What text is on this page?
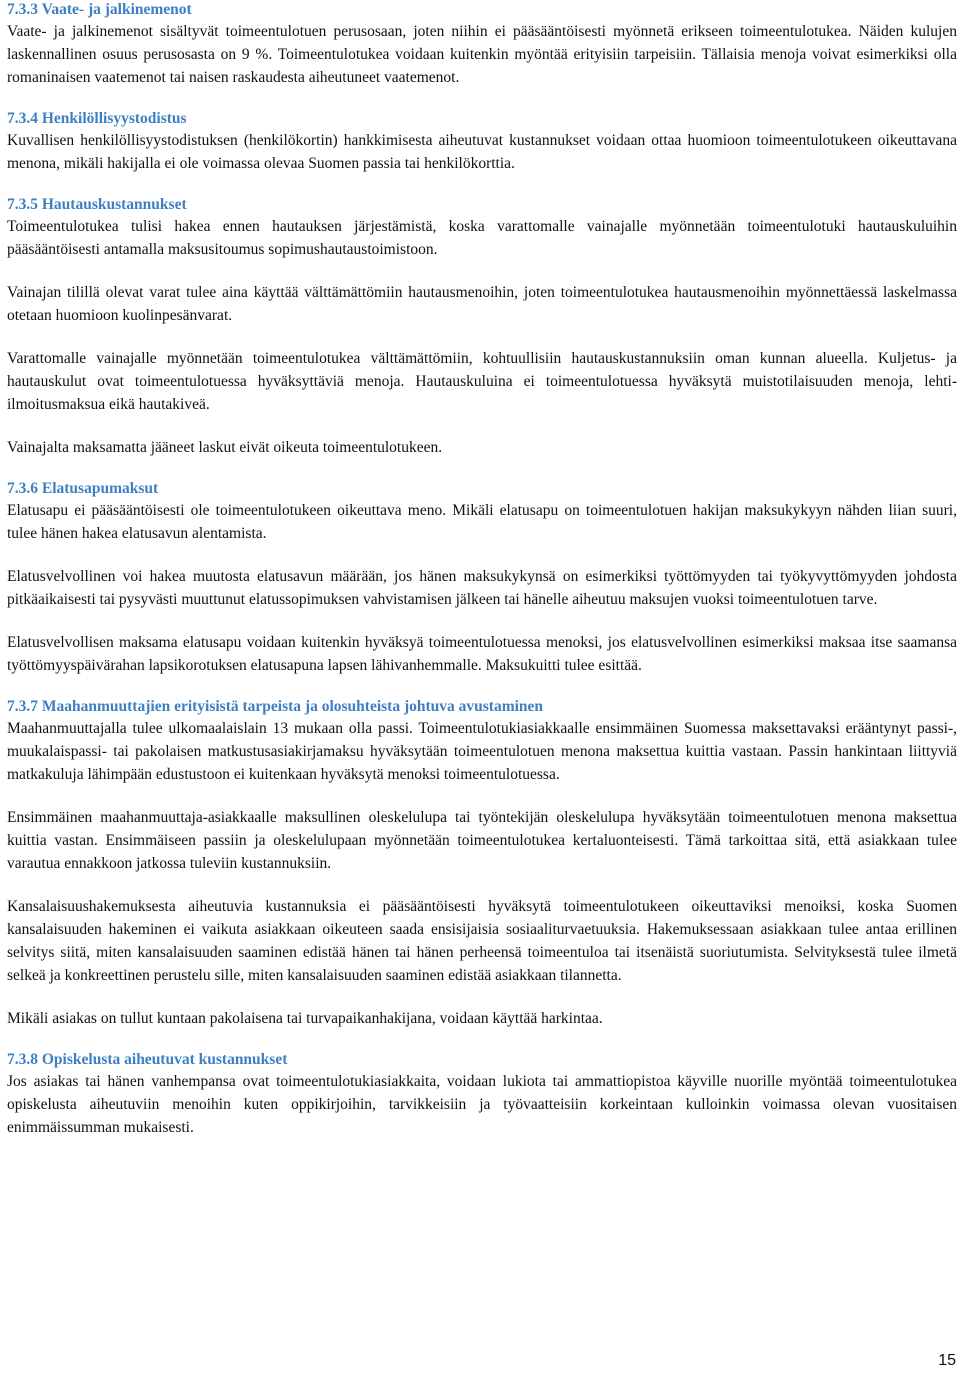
7.3.3 Vaate- ja jalkinemenot

Vaate- ja jalkinemenot sisältyvät toimeentulotuen perusosaan, joten niihin ei pääsääntöisesti myönnetä erikseen toimeentulotukea. Näiden kulujen laskennallinen osuus perusosasta on 9 %. Toimeentulotukea voidaan kuitenkin myöntää erityisiin tarpeisiin. Tällaisia menoja voivat esimerkiksi olla romaninaisen vaatemenot tai naisen raskaudesta aiheutuneet vaatemenot.

7.3.4 Henkilöllisyystodistus

Kuvallisen henkilöllisyystodistuksen (henkilökortin) hankkimisesta aiheutuvat kustannukset voidaan ottaa huomioon toimeentulotukeen oikeuttavana menona, mikäli hakijalla ei ole voimassa olevaa Suomen passia tai henkilökorttia.

7.3.5 Hautauskustannukset

Toimeentulotukea tulisi hakea ennen hautauksen järjestämistä, koska varattomalle vainajalle myönnetään toimeentulotuki hautauskuluihin pääsääntöisesti antamalla maksusitoumus sopimushautaustoimistoon.

Vainajan tilillä olevat varat tulee aina käyttää välttämättömiin hautausmenoihin, joten toimeentulotukea hautausmenoihin myönnettäessä laskelmassa otetaan huomioon kuolinpesänvarat.

Varattomalle vainajalle myönnetään toimeentulotukea välttämättömiin, kohtuullisiin hautauskustannuksiin oman kunnan alueella. Kuljetus- ja hautauskulut ovat toimeentulotuessa hyväksyttäviä menoja. Hautauskuluina ei toimeentulotuessa hyväksytä muistotilaisuuden menoja, lehti-ilmoitusmaksua eikä hautakiveä.

Vainajalta maksamatta jääneet laskut eivät oikeuta toimeentulotukeen.

7.3.6 Elatusapumaksut

Elatusapu ei pääsääntöisesti ole toimeentulotukeen oikeuttava meno. Mikäli elatusapu on toimeentulotuen hakijan maksukykyyn nähden liian suuri, tulee hänen hakea elatusavun alentamista.

Elatusvelvollinen voi hakea muutosta elatusavun määrään, jos hänen maksukykynsä on esimerkiksi työttömyyden tai työkyvyttömyyden johdosta pitkäaikaisesti tai pysyvästi muuttunut elatussopimuksen vahvistamisen jälkeen tai hänelle aiheutuu maksujen vuoksi toimeentulotuen tarve.

Elatusvelvollisen maksama elatusapu voidaan kuitenkin hyväksyä toimeentulotuessa menoksi, jos elatusvelvollinen esimerkiksi maksaa itse saamansa työttömyyspäivärahan lapsikorotuksen elatusapuna lapsen lähivanhemmalle. Maksukuitti tulee esittää.

7.3.7 Maahanmuuttajien erityisistä tarpeista ja olosuhteista johtuva avustaminen

Maahanmuuttajalla tulee ulkomaalaislain 13 mukaan olla passi. Toimeentulotukiasiakkaalle ensimmäinen Suomessa maksettavaksi erääntynyt passi-, muukalaispassi- tai pakolaisen matkustusasiakirjamaksu hyväksytään toimeentulotuen menona maksettua kuittia vastaan. Passin hankintaan liittyviä matkakuluja lähimpään edustustoon ei kuitenkaan hyväksytä menoksi toimeentulotuessa.

Ensimmäinen maahanmuuttaja-asiakkaalle maksullinen oleskelulupa tai työntekijän oleskelulupa hyväksytään toimeentulotuen menona maksettua kuittia vastan. Ensimmäiseen passiin ja oleskelulupaan myönnetään toimeentulotukea kertaluonteisesti. Tämä tarkoittaa sitä, että asiakkaan tulee varautua ennakkoon jatkossa tuleviin kustannuksiin.

Kansalaisuushakemuksesta aiheutuvia kustannuksia ei pääsääntöisesti hyväksytä toimeentulotukeen oikeuttaviksi menoiksi, koska Suomen kansalaisuuden hakeminen ei vaikuta asiakkaan oikeuteen saada ensisijaisia sosiaaliturvaetuuksia. Hakemuksessaan asiakkaan tulee antaa erillinen selvitys siitä, miten kansalaisuuden saaminen edistää hänen tai hänen perheensä toimeentuloa tai itsenäistä suoriutumista. Selvityksestä tulee ilmetä selkeä ja konkreettinen perustelu sille, miten kansalaisuuden saaminen edistää asiakkaan tilannetta.

Mikäli asiakas on tullut kuntaan pakolaisena tai turvapaikanhakijana, voidaan käyttää harkintaa.

7.3.8 Opiskelusta aiheutuvat kustannukset

Jos asiakas tai hänen vanhempansa ovat toimeentulotukiasiakkaita, voidaan lukiota tai ammattiopistoa käyville nuorille myöntää toimeentulotukea opiskelusta aiheutuviin menoihin kuten oppikirjoihin, tarvikkeisiin ja työvaatteisiin korkeintaan kulloinkin voimassa olevan vuositaisen enimmäissumman mukaisesti.

15
